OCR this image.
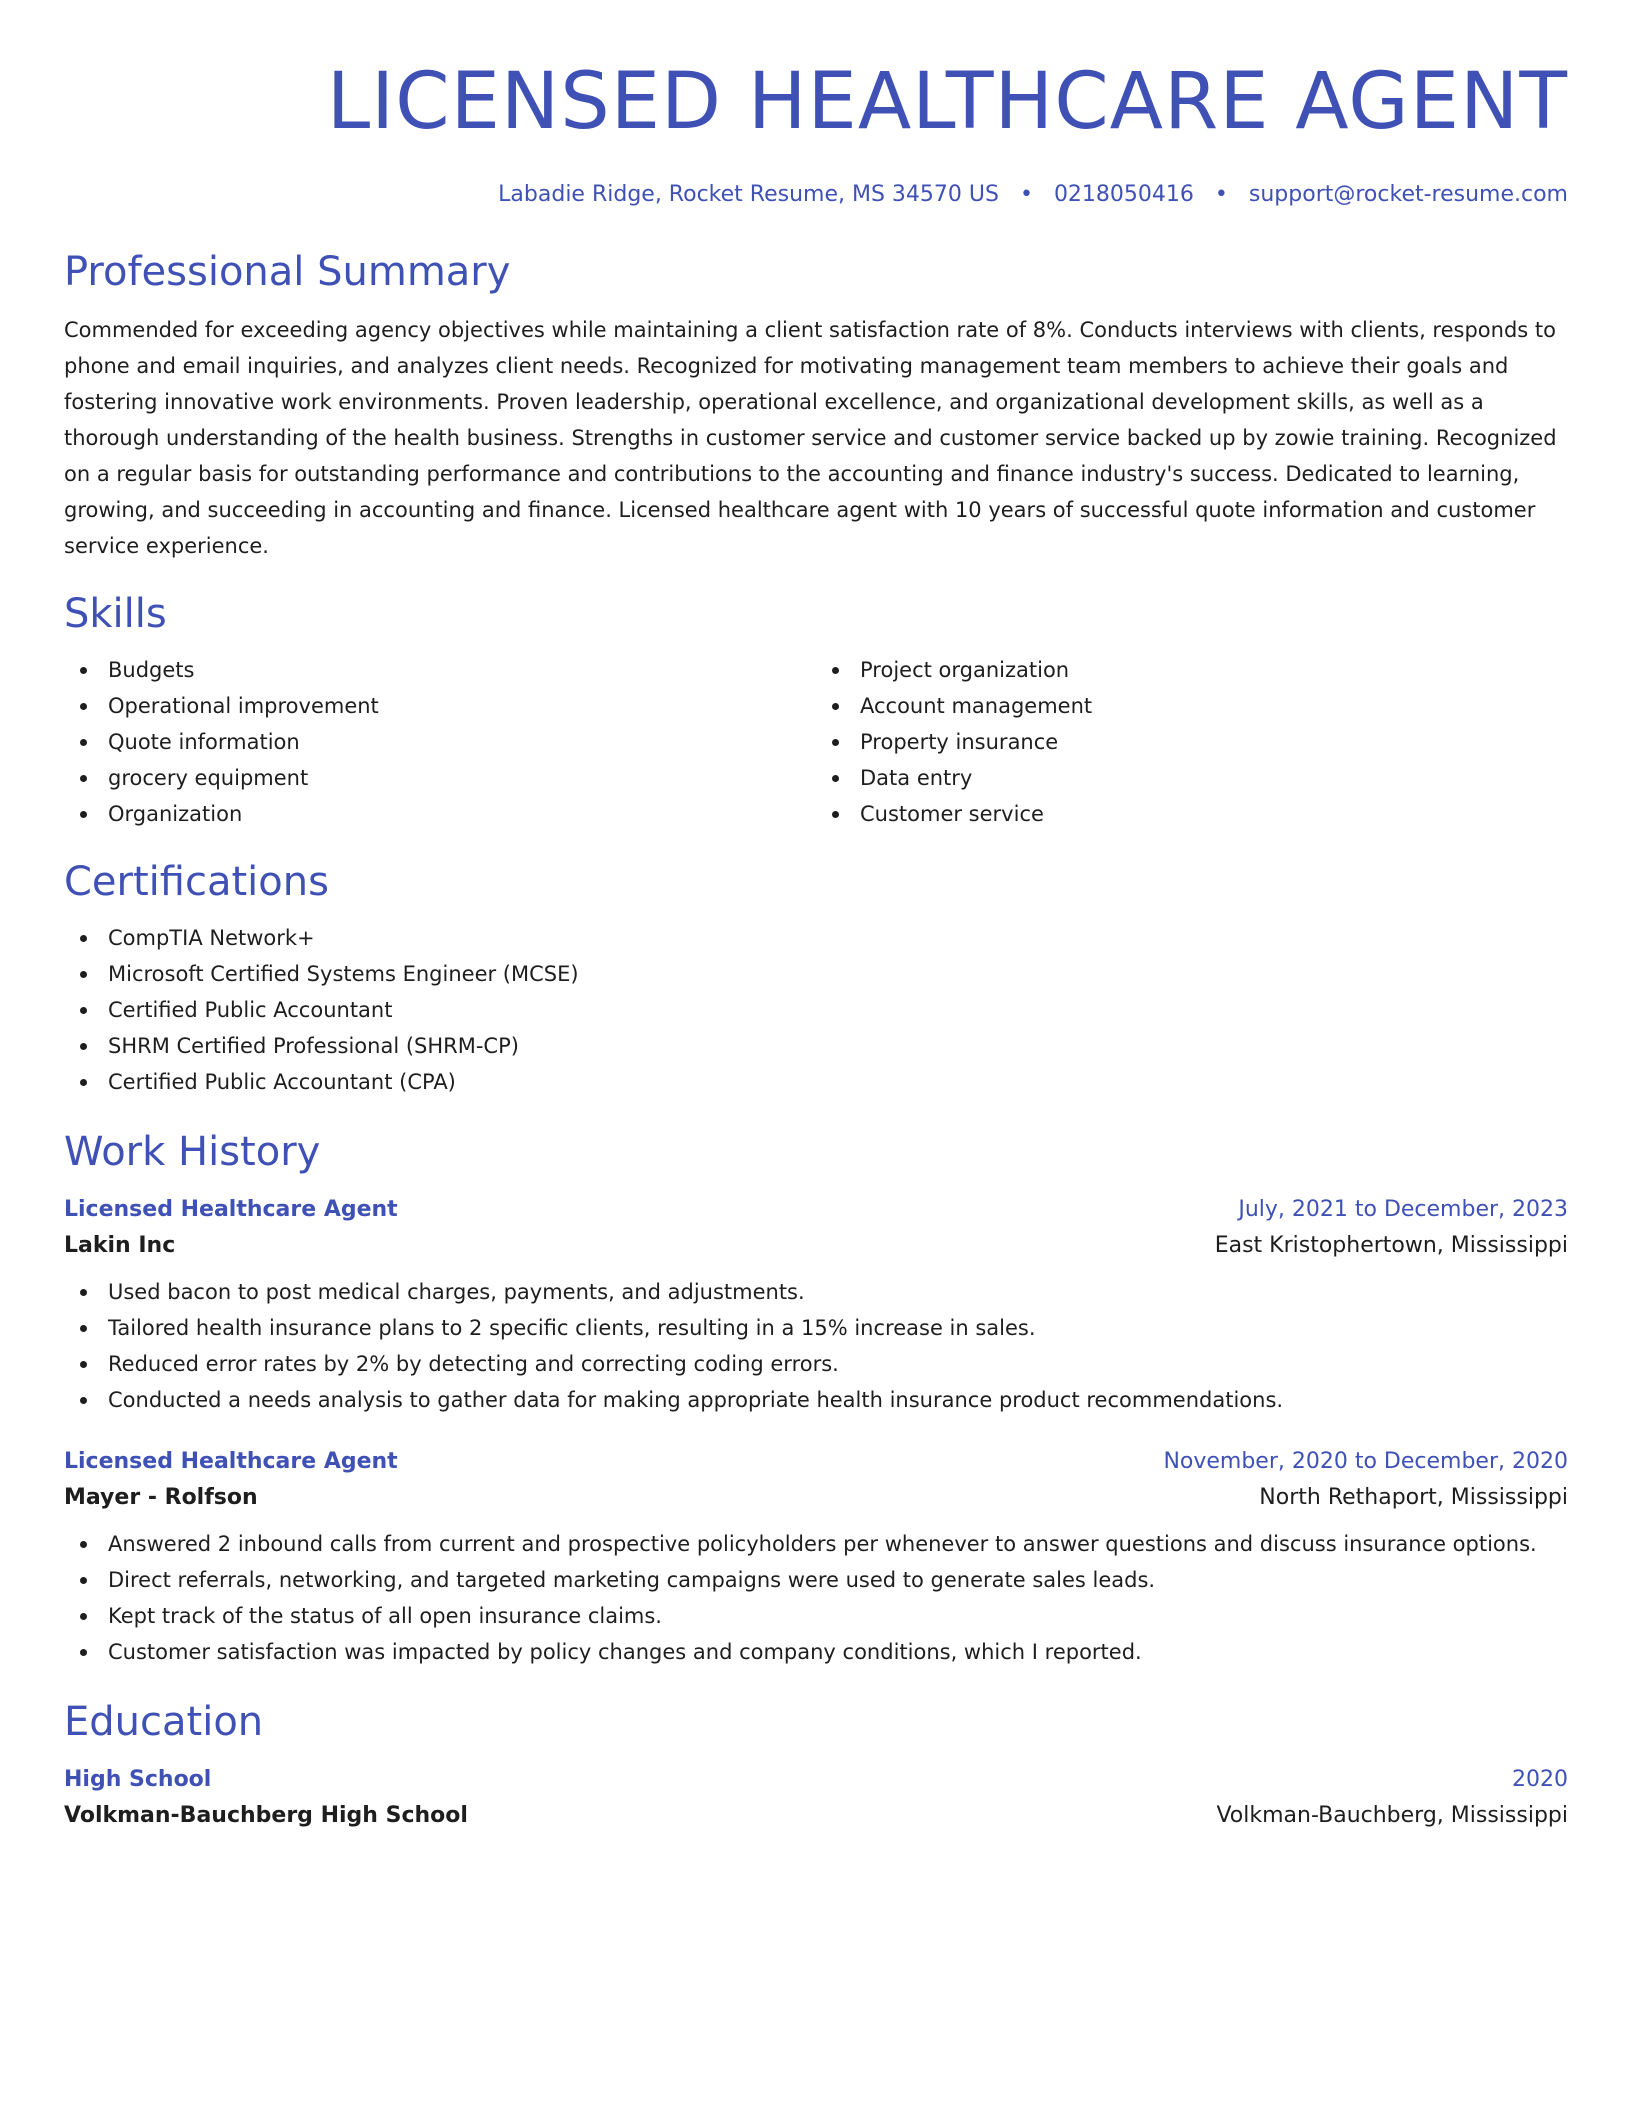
LICENSED HEALTHCARE AGENT
Labadie Ridge, Rocket Resume, MS 34570 US • 0218050416 • support@rocket-resume.com
Professional Summary
Commended for exceeding agency objectives while maintaining a client satisfaction rate of 8%. Conducts interviews with clients, responds to phone and email inquiries, and analyzes client needs. Recognized for motivating management team members to achieve their goals and fostering innovative work environments. Proven leadership, operational excellence, and organizational development skills, as well as a thorough understanding of the health business. Strengths in customer service and customer service backed up by zowie training. Recognized on a regular basis for outstanding performance and contributions to the accounting and finance industry's success. Dedicated to learning, growing, and succeeding in accounting and finance. Licensed healthcare agent with 10 years of successful quote information and customer service experience.
Skills
Budgets
Operational improvement
Quote information
grocery equipment
Organization
Project organization
Account management
Property insurance
Data entry
Customer service
Certifications
CompTIA Network+
Microsoft Certified Systems Engineer (MCSE)
Certified Public Accountant
SHRM Certified Professional (SHRM-CP)
Certified Public Accountant (CPA)
Work History
Licensed Healthcare Agent	July, 2021 to December, 2023
Lakin Inc	East Kristophertown, Mississippi
Used bacon to post medical charges, payments, and adjustments.
Tailored health insurance plans to 2 specific clients, resulting in a 15% increase in sales.
Reduced error rates by 2% by detecting and correcting coding errors.
Conducted a needs analysis to gather data for making appropriate health insurance product recommendations.
Licensed Healthcare Agent	November, 2020 to December, 2020
Mayer - Rolfson	North Rethaport, Mississippi
Answered 2 inbound calls from current and prospective policyholders per whenever to answer questions and discuss insurance options.
Direct referrals, networking, and targeted marketing campaigns were used to generate sales leads.
Kept track of the status of all open insurance claims.
Customer satisfaction was impacted by policy changes and company conditions, which I reported.
Education
High School	2020
Volkman-Bauchberg High School	Volkman-Bauchberg, Mississippi
